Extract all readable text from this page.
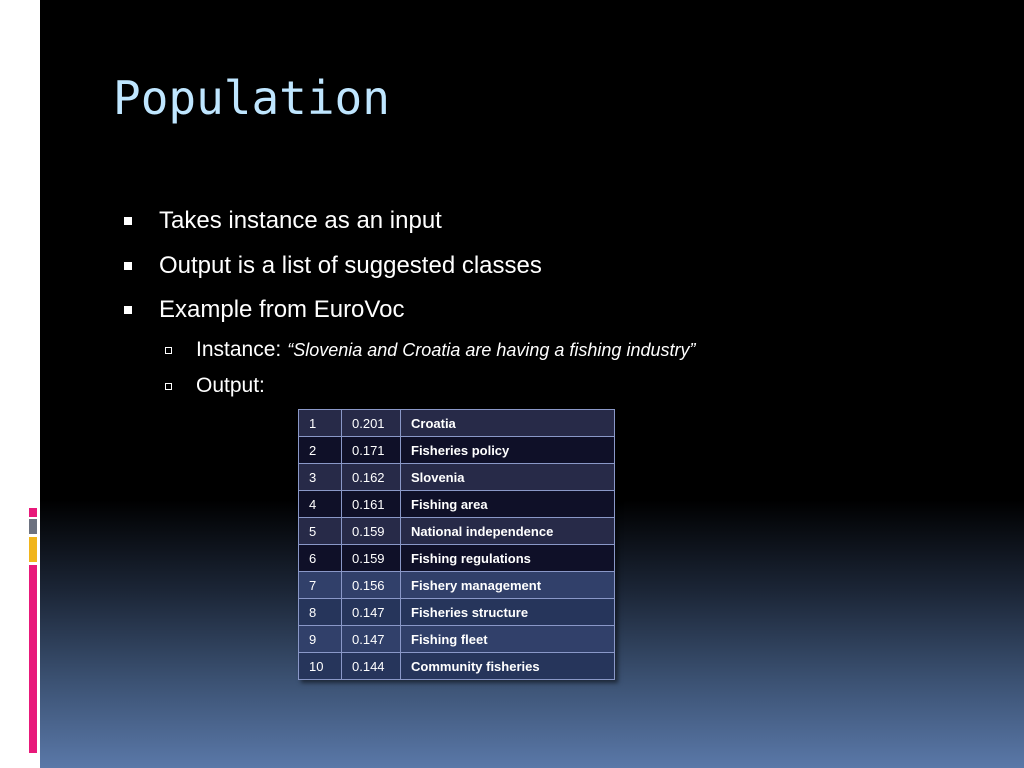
Population
Takes instance as an input
Output is a list of suggested classes
Example from EuroVoc
Instance: “Slovenia and Croatia are having a fishing industry”
Output:
1	0.201	Croatia
2	0.171	Fisheries policy
3	0.162	Slovenia
4	0.161	Fishing area
5	0.159	National independence
6	0.159	Fishing regulations
7	0.156	Fishery management
8	0.147	Fisheries structure
9	0.147	Fishing fleet
10	0.144	Community fisheries
